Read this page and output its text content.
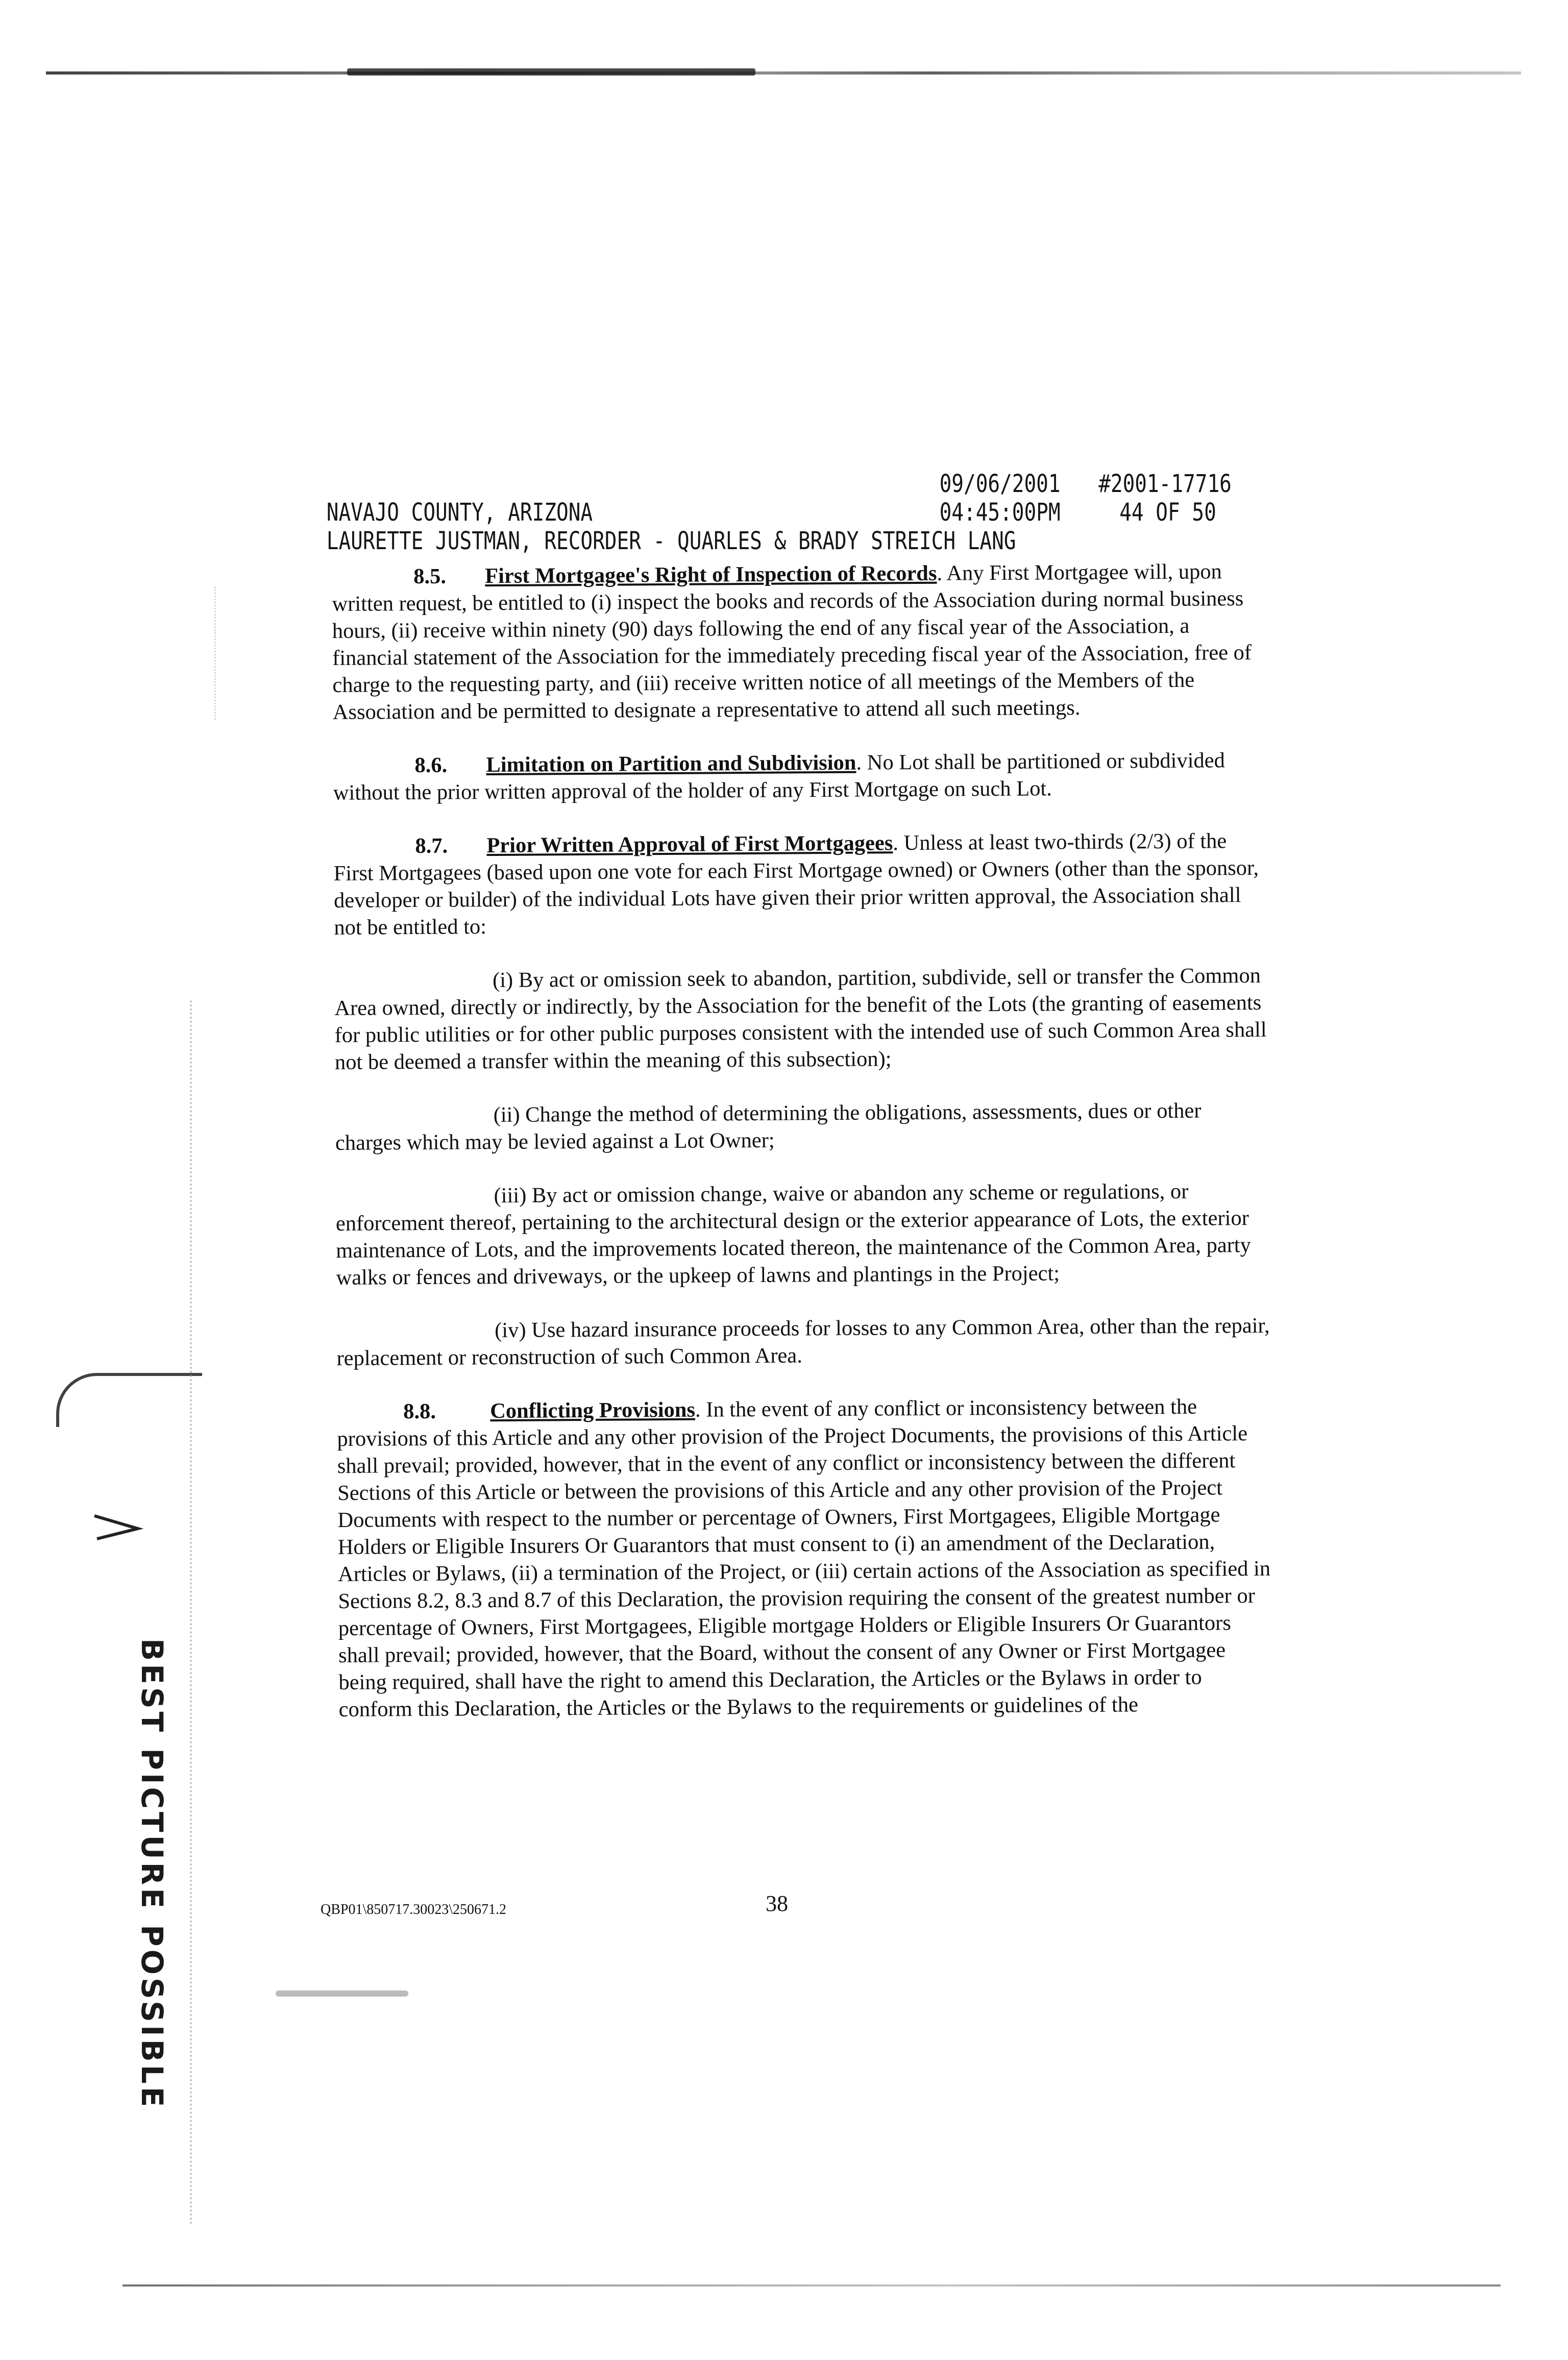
NAVAJO COUNTY, ARIZONA

09/06/2001

#2001-17716

LAURETTE JUSTMAN, RECORDER - QUARLES & BRADY STREICH LANG

04:45:00PM

44 OF 50

8.5. First Mortgagee's Right of Inspection of Records. Any First Mortgagee will, upon written request, be entitled to (i) inspect the books and records of the Association during normal business hours, (ii) receive within ninety (90) days following the end of any fiscal year of the Association, a financial statement of the Association for the immediately preceding fiscal year of the Association, free of charge to the requesting party, and (iii) receive written notice of all meetings of the Members of the Association and be permitted to designate a representative to attend all such meetings.

8.6. Limitation on Partition and Subdivision. No Lot shall be partitioned or subdivided without the prior written approval of the holder of any First Mortgage on such Lot.

8.7. Prior Written Approval of First Mortgagees. Unless at least two-thirds (2/3) of the First Mortgagees (based upon one vote for each First Mortgage owned) or Owners (other than the sponsor, developer or builder) of the individual Lots have given their prior written approval, the Association shall not be entitled to:

(i) By act or omission seek to abandon, partition, subdivide, sell or transfer the Common Area owned, directly or indirectly, by the Association for the benefit of the Lots (the granting of easements for public utilities or for other public purposes consistent with the intended use of such Common Area shall not be deemed a transfer within the meaning of this subsection);

(ii) Change the method of determining the obligations, assessments, dues or other charges which may be levied against a Lot Owner;

(iii) By act or omission change, waive or abandon any scheme or regulations, or enforcement thereof, pertaining to the architectural design or the exterior appearance of Lots, the exterior maintenance of Lots, and the improvements located thereon, the maintenance of the Common Area, party walks or fences and driveways, or the upkeep of lawns and plantings in the Project;

(iv) Use hazard insurance proceeds for losses to any Common Area, other than the repair, replacement or reconstruction of such Common Area.

8.8. Conflicting Provisions. In the event of any conflict or inconsistency between the provisions of this Article and any other provision of the Project Documents, the provisions of this Article shall prevail; provided, however, that in the event of any conflict or inconsistency between the different Sections of this Article or between the provisions of this Article and any other provision of the Project Documents with respect to the number or percentage of Owners, First Mortgagees, Eligible Mortgage Holders or Eligible Insurers Or Guarantors that must consent to (i) an amendment of the Declaration, Articles or Bylaws, (ii) a termination of the Project, or (iii) certain actions of the Association as specified in Sections 8.2, 8.3 and 8.7 of this Declaration, the provision requiring the consent of the greatest number or percentage of Owners, First Mortgagees, Eligible mortgage Holders or Eligible Insurers Or Guarantors shall prevail; provided, however, that the Board, without the consent of any Owner or First Mortgagee being required, shall have the right to amend this Declaration, the Articles or the Bylaws in order to conform this Declaration, the Articles or the Bylaws to the requirements or guidelines of the

QBP01\850717.30023\250671.2	38
BEST PICTURE POSSIBLE
